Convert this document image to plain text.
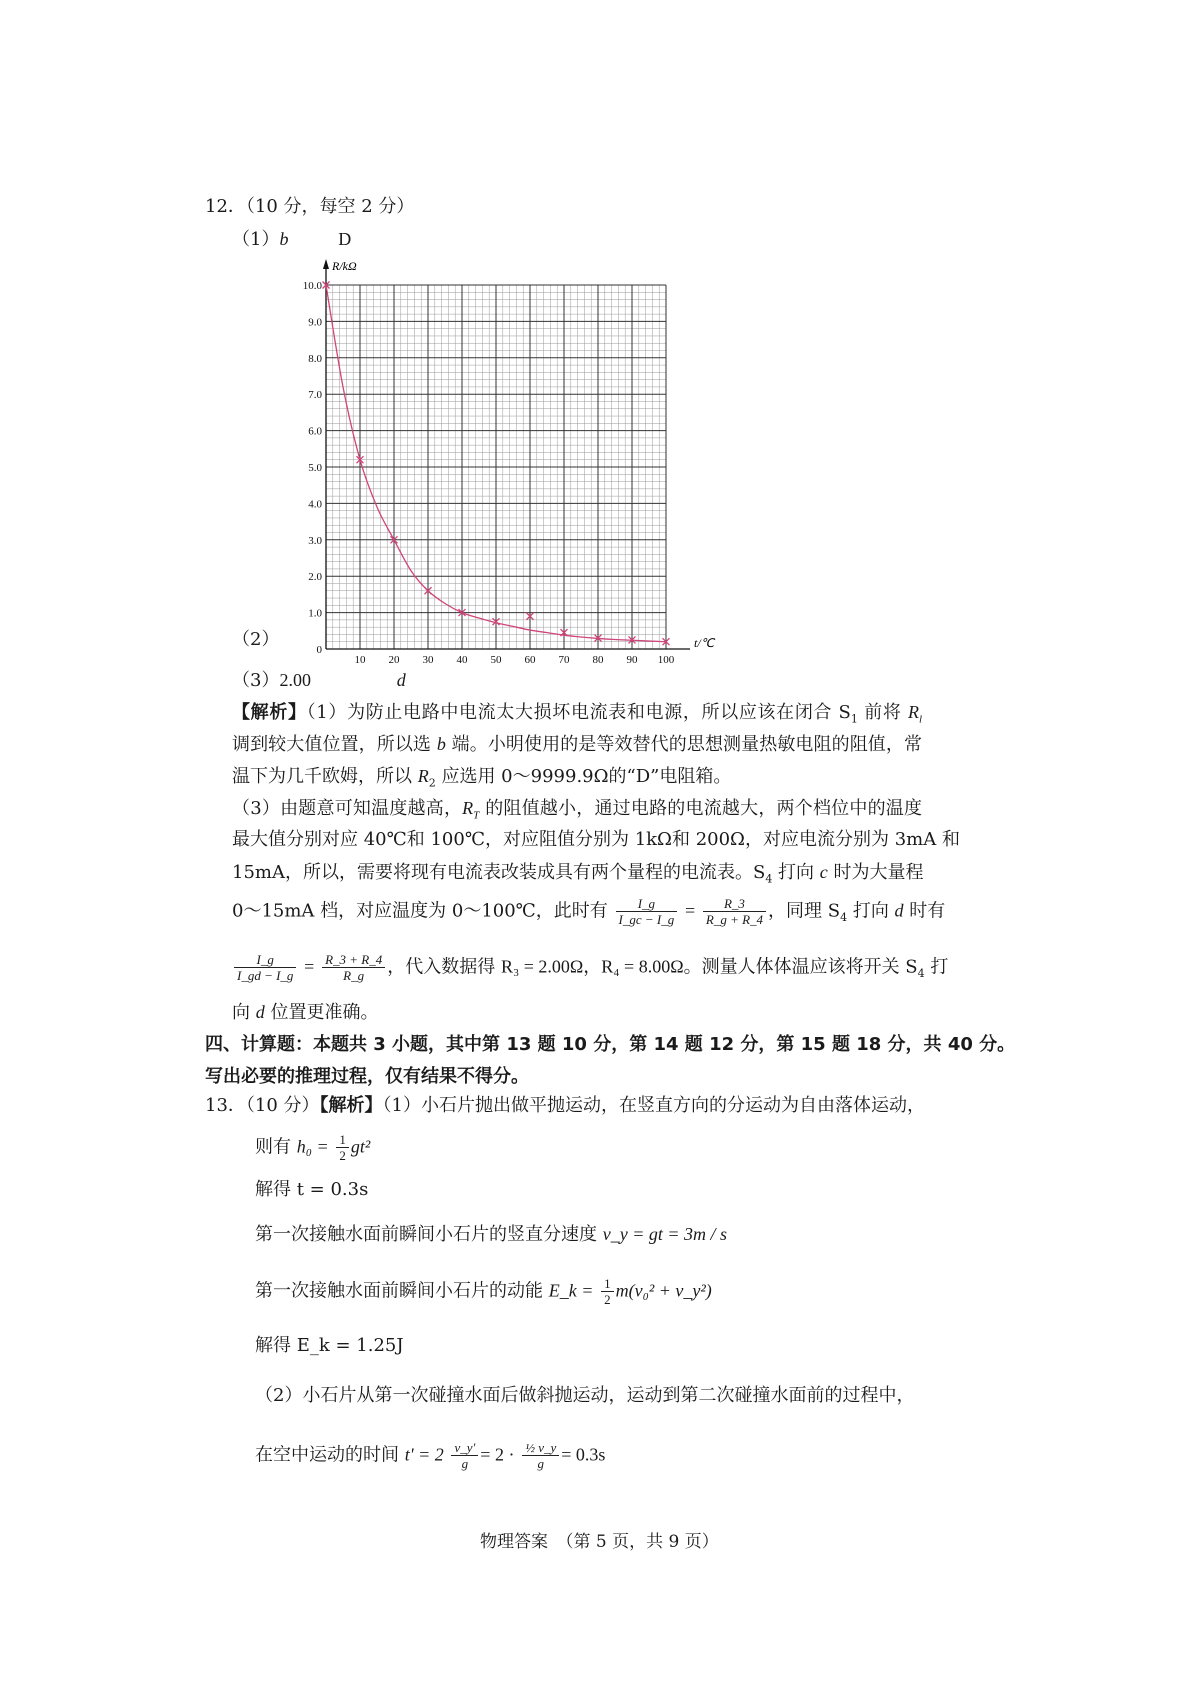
12．（10 分，每空 2 分）
（1）b	D
0
1.0
2.0
3.0
4.0
5.0
6.0
7.0
8.0
9.0
10.0
10 20 30 40 50 60 70 80 90 100
R/kΩ
t/℃
（2）
（3）2.00	d
【解析】（1）为防止电路中电流太大损坏电流表和电源，所以应该在闭合 $S_1$ 前将 $R_l$
调到较大值位置，所以选 b 端。小明使用的是等效替代的思想测量热敏电阻的阻值，常
温下为几千欧姆，所以 $R_2$ 应选用 0～9999.9Ω的“D”电阻箱。
（3）由题意可知温度越高，$R_T$ 的阻值越小，通过电路的电流越大，两个档位中的温度
最大值分别对应 40℃和 100℃，对应阻值分别为 1kΩ和 200Ω，对应电流分别为 3mA 和
15mA，所以，需要将现有电流表改装成具有两个量程的电流表。$S_4$ 打向 c 时为大量程
0～15mA 档，对应温度为 0～100℃，此时有 $\frac{I\_g}{I\_gc - I\_g} = \frac{R\_3}{R\_g + R\_4}$ ，同理 $S_4$ 打向 d 时有
$\frac{I\_g}{I\_gd - I\_g} = \frac{R\_3 + R\_4}{R\_g}$ ，代入数据得 R₃ = 2.00Ω，R₄ = 8.00Ω。测量人体体温应该将开关 $S_4$ 打
向 d 位置更准确。
四、计算题：本题共 3 小题，其中第 13 题 10 分，第 14 题 12 分，第 15 题 18 分，共 40 分。
写出必要的推理过程，仅有结果不得分。
13．（10 分）【解析】（1）小石片抛出做平抛运动，在竖直方向的分运动为自由落体运动，
则有 $h_0 = \frac{1}{2} gt^2$
解得 t = 0.3s
第一次接触水面前瞬间小石片的竖直分速度 v_y = gt = 3m / s
第一次接触水面前瞬间小石片的动能 E_k = $\frac{1}{2} m(v_0^2$ + v_y²)
解得 E_k = 1.25J
（2）小石片从第一次碰撞水面后做斜抛运动，运动到第二次碰撞水面前的过程中，
在空中运动的时间 $t' = 2 \frac{v\_y'}{g} = 2 \cdot \frac{\text{½ v\_y}}{g} = 0.3s$
物理答案　（第 5 页，共 9 页）
